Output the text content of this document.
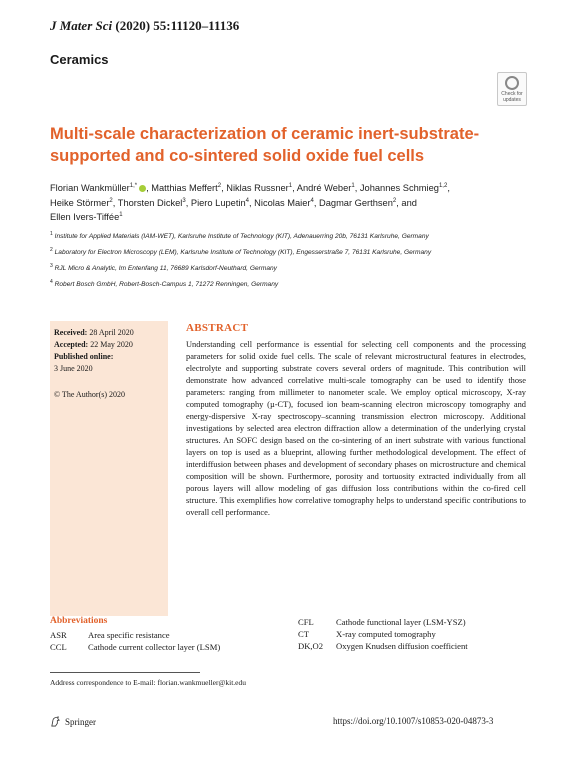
J Mater Sci (2020) 55:11120–11136
Ceramics
Check for updates
Multi-scale characterization of ceramic inert-substrate-supported and co-sintered solid oxide fuel cells
Florian Wankmüller$^{1,*}$ , Matthias Meffert$^2$, Niklas Russner$^1$, André Weber$^1$, Johannes Schmieg$^{1,2}$,
Heike Störmer$^2$, Thorsten Dickel$^3$, Piero Lupetin$^4$, Nicolas Maier$^4$, Dagmar Gerthsen$^2$, and
Ellen Ivers-Tiffée$^1$
$^1$ Institute for Applied Materials (IAM-WET), Karlsruhe Institute of Technology (KIT), Adenauerring 20b, 76131 Karlsruhe, Germany
$^2$ Laboratory for Electron Microscopy (LEM), Karlsruhe Institute of Technology (KIT), Engesserstraße 7, 76131 Karlsruhe, Germany
$^3$ RJL Micro & Analytic, Im Entenfang 11, 76689 Karlsdorf-Neuthard, Germany
$^4$ Robert Bosch GmbH, Robert-Bosch-Campus 1, 71272 Renningen, Germany
Received: 28 April 2020
Accepted: 22 May 2020
Published online:
3 June 2020
© The Author(s) 2020
ABSTRACT

Understanding cell performance is essential for selecting cell components and the processing parameters for solid oxide fuel cells. The scale of relevant microstructural features in electrodes, electrolyte and supporting substrate covers several orders of magnitude. This contribution will demonstrate how advanced correlative multi-scale tomography can be used to identify those parameters: ranging from millimeter to nanometer scale. We employ optical microscopy, X-ray computed tomography (µ-CT), focused ion beam-scanning electron microscopy tomography and energy-dispersive X-ray spectroscopy–scanning transmission electron microscopy. Additional investigations by selected area electron diffraction allow a determination of the underlying crystal structures. An SOFC design based on the co-sintering of an inert substrate with various functional layers on top is used as a blueprint, allowing further methodological development. The effect of interdiffusion between phases and development of secondary phases on microstructure and chemical composition will be shown. Furthermore, porosity and tortuosity extracted individually from all porous layers will allow modeling of gas diffusion loss contributions within the co-fired cell structure. This exemplifies how correlative tomography helps to understand specific contributions to overall cell performance.

Abbreviations
ASR Area specific resistance
CCL Cathode current collector layer (LSM)
CFL	Cathode functional layer (LSM-YSZ)
CT	X-ray computed tomography
DK,O2 Oxygen Knudsen diffusion coefficient
Address correspondence to E-mail: florian.wankmueller@kit.edu
Springer	https://doi.org/10.1007/s10853-020-04873-3
